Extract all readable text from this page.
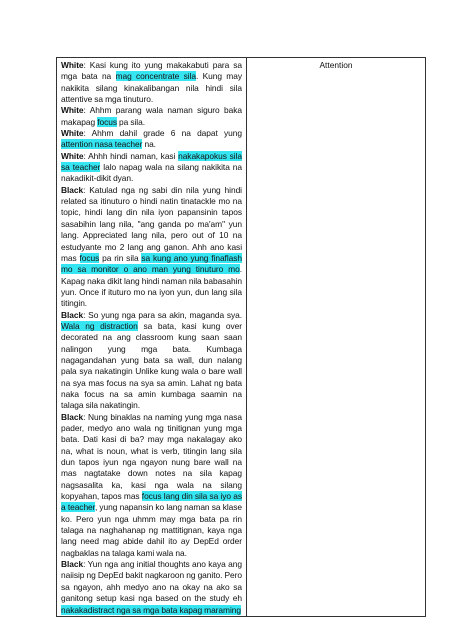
White: Kasi kung ito yung makakabuti para sa mga bata na mag concentrate sila. Kung may nakikita silang kinakalibangan nila hindi sila attentive sa mga tinuturo.

White: Ahhm parang wala naman siguro baka makapag focus pa sila.

White: Ahhm dahil grade 6 na dapat yung attention nasa teacher na.

White: Ahhh hindi naman, kasi nakakapokus sila sa teacher lalo napag wala na silang nakikita na nakadikit-dikit dyan.

Black: Katulad nga ng sabi din nila yung hindi related sa itinuturo o hindi natin tinatackle mo na topic, hindi lang din nila iyon papansinin tapos sasabihin lang nila, "ang ganda po ma'am" yun lang. Appreciated lang nila, pero out of 10 na estudyante mo 2 lang ang ganon. Ahh ano kasi mas focus pa rin sila sa kung ano yung finaflash mo sa monitor o ano man yung tinuturo mo. Kapag naka dikit lang hindi naman nila babasahin yun. Once if ituturo mo na iyon yun, dun lang sila titingin.

Black: So yung nga para sa akin, maganda sya. Wala ng distraction sa bata, kasi kung over decorated na ang classroom kung saan saan nalingon yung mga bata. Kumbaga nagagandahan yung bata sa wall, dun nalang pala sya nakatingin Unlike kung wala o bare wall na sya mas focus na sya sa amin. Lahat ng bata naka focus na sa amin kumbaga saamin na talaga sila nakatingin.

Black: Nung binaklas na naming yung mga nasa pader, medyo ano wala ng tinitignan yung mga bata. Dati kasi di ba? may mga nakalagay ako na, what is noun, what is verb, titingin lang sila dun tapos iyun nga ngayon nung bare wall na mas nagtatake down notes na sila kapag nagsasalita ka, kasi nga wala na silang kopyahan, tapos mas focus lang din sila sa iyo as a teacher, yung napansin ko lang naman sa klase ko. Pero yun nga uhmm may mga bata pa rin talaga na naghahanap ng mattitignan, kaya nga lang need mag abide dahil ito ay DepEd order nagbaklas na talaga kami wala na.

Black: Yun nga ang initial thoughts ano kaya ang naiisip ng DepEd bakit nagkaroon ng ganito. Pero sa ngayon, ahh medyo ano na okay na ako sa ganitong setup kasi nga based on the study eh nakakadistract nga sa mga bata kapag maraming

Attention
